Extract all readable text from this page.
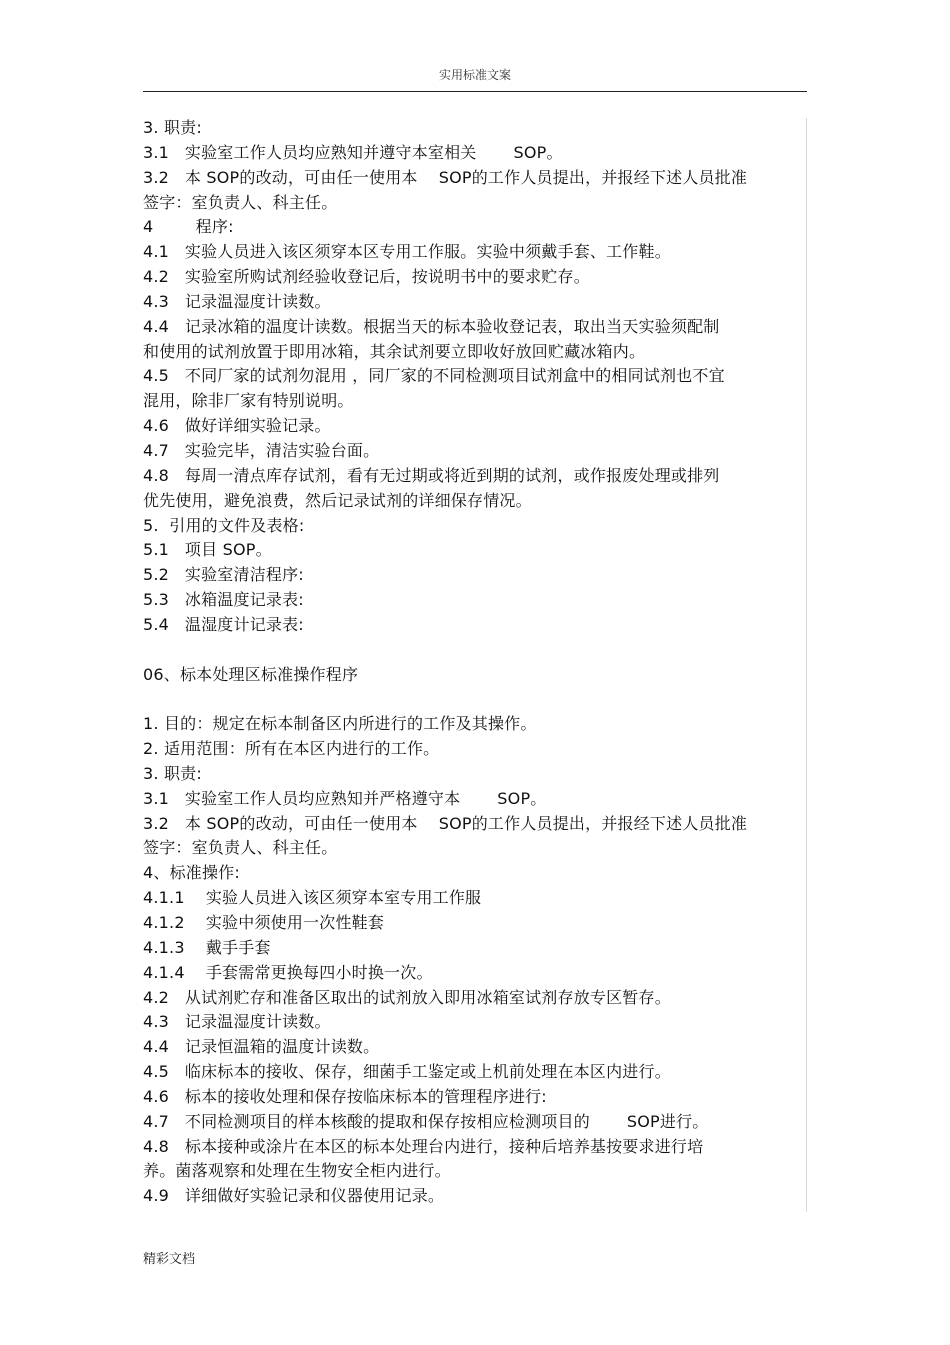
实用标准文案
3. 职责:
3.1   实验室工作人员均应熟知并遵守本室相关       SOP。
3.2   本 SOP的改动，可由任一使用本    SOP的工作人员提出，并报经下述人员批准
签字：室负责人、科主任。
4        程序:
4.1   实验人员进入该区须穿本区专用工作服。实验中须戴手套、工作鞋。
4.2   实验室所购试剂经验收登记后，按说明书中的要求贮存。
4.3   记录温湿度计读数。
4.4   记录冰箱的温度计读数。根据当天的标本验收登记表，取出当天实验须配制
和使用的试剂放置于即用冰箱，其余试剂要立即收好放回贮藏冰箱内。
4.5   不同厂家的试剂勿混用 ，同厂家的不同检测项目试剂盒中的相同试剂也不宜
混用，除非厂家有特别说明。
4.6   做好详细实验记录。
4.7   实验完毕，清洁实验台面。
4.8   每周一清点库存试剂，看有无过期或将近到期的试剂，或作报废处理或排列
优先使用，避免浪费，然后记录试剂的详细保存情况。
5.  引用的文件及表格:
5.1   项目 SOP。
5.2   实验室清洁程序:
5.3   冰箱温度记录表:
5.4   温湿度计记录表:
06、标本处理区标准操作程序
1. 目的：规定在标本制备区内所进行的工作及其操作。
2. 适用范围：所有在本区内进行的工作。
3. 职责:
3.1   实验室工作人员均应熟知并严格遵守本       SOP。
3.2   本 SOP的改动，可由任一使用本    SOP的工作人员提出，并报经下述人员批准
签字：室负责人、科主任。
4、标准操作:
4.1.1    实验人员进入该区须穿本室专用工作服
4.1.2    实验中须使用一次性鞋套
4.1.3    戴手手套
4.1.4    手套需常更换每四小时换一次。
4.2   从试剂贮存和准备区取出的试剂放入即用冰箱室试剂存放专区暂存。
4.3   记录温湿度计读数。
4.4   记录恒温箱的温度计读数。
4.5   临床标本的接收、保存，细菌手工鉴定或上机前处理在本区内进行。
4.6   标本的接收处理和保存按临床标本的管理程序进行:
4.7   不同检测项目的样本核酸的提取和保存按相应检测项目的       SOP进行。
4.8   标本接种或涂片在本区的标本处理台内进行，接种后培养基按要求进行培
养。菌落观察和处理在生物安全柜内进行。
4.9   详细做好实验记录和仪器使用记录。
精彩文档
